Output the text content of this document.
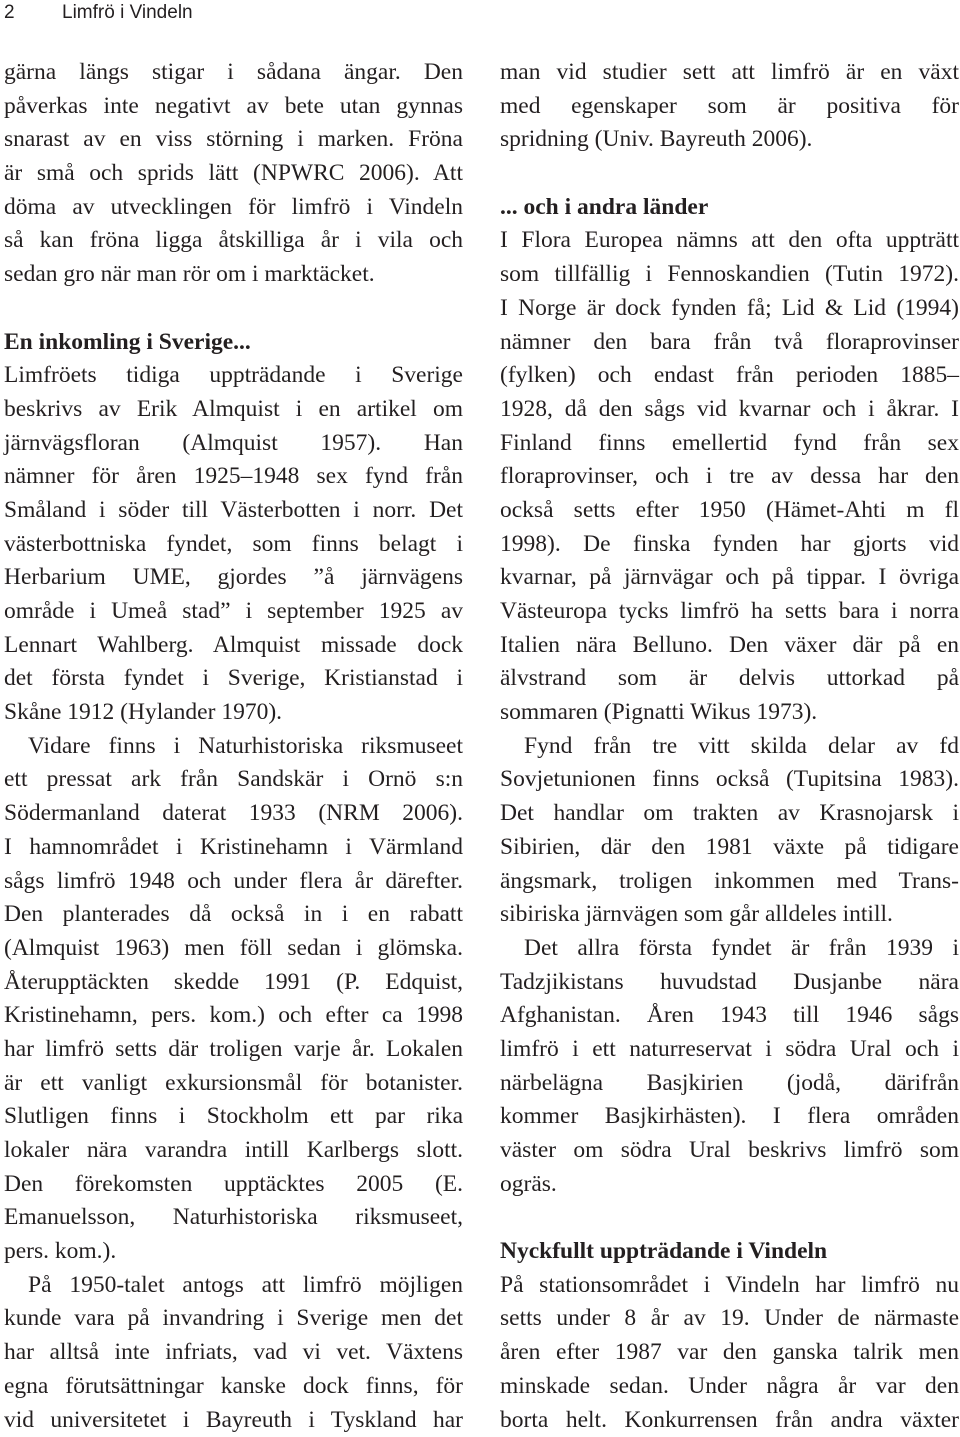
2 Limfrö i Vindeln
gärna längs stigar i sådana ängar. Den
påverkas inte negativt av bete utan gynnas
snarast av en viss störning i marken. Fröna
är små och sprids lätt (NPWRC 2006). Att
döma av utvecklingen för limfrö i Vindeln
så kan fröna ligga åtskilliga år i vila och
sedan gro när man rör om i marktäcket.
En inkomling i Sverige...
Limfröets tidiga uppträdande i Sverige
beskrivs av Erik Almquist i en artikel om
järnvägsfloran (Almquist 1957). Han
nämner för åren 1925–1948 sex fynd från
Småland i söder till Västerbotten i norr. Det
västerbottniska fyndet, som finns belagt i
Herbarium UME, gjordes ”å järnvägens
område i Umeå stad” i september 1925 av
Lennart Wahlberg. Almquist missade dock
det första fyndet i Sverige, Kristianstad i
Skåne 1912 (Hylander 1970).
Vidare finns i Naturhistoriska riksmuseet
ett pressat ark från Sandskär i Ornö s:n
Södermanland daterat 1933 (NRM 2006).
I hamnområdet i Kristinehamn i Värmland
sågs limfrö 1948 och under flera år därefter.
Den planterades då också in i en rabatt
(Almquist 1963) men föll sedan i glömska.
Återupptäckten skedde 1991 (P. Edquist,
Kristinehamn, pers. kom.) och efter ca 1998
har limfrö setts där troligen varje år. Lokalen
är ett vanligt exkursionsmål för botanister.
Slutligen finns i Stockholm ett par rika
lokaler nära varandra intill Karlbergs slott.
Den förekomsten upptäcktes 2005 (E.
Emanuelsson, Naturhistoriska riksmuseet,
pers. kom.).
På 1950-talet antogs att limfrö möjligen
kunde vara på invandring i Sverige men det
har alltså inte infriats, vad vi vet. Växtens
egna förutsättningar kanske dock finns, för
vid universitetet i Bayreuth i Tyskland har
man vid studier sett att limfrö är en växt
med egenskaper som är positiva för
spridning (Univ. Bayreuth 2006).
... och i andra länder
I Flora Europea nämns att den ofta uppträtt
som tillfällig i Fennoskandien (Tutin 1972).
I Norge är dock fynden få; Lid & Lid (1994)
nämner den bara från två floraprovinser
(fylken) och endast från perioden 1885–
1928, då den sågs vid kvarnar och i åkrar. I
Finland finns emellertid fynd från sex
floraprovinser, och i tre av dessa har den
också setts efter 1950 (Hämet-Ahti m fl
1998). De finska fynden har gjorts vid
kvarnar, på järnvägar och på tippar. I övriga
Västeuropa tycks limfrö ha setts bara i norra
Italien nära Belluno. Den växer där på en
älvstrand som är delvis uttorkad på
sommaren (Pignatti Wikus 1973).
Fynd från tre vitt skilda delar av fd
Sovjetunionen finns också (Tupitsina 1983).
Det handlar om trakten av Krasnojarsk i
Sibirien, där den 1981 växte på tidigare
ängsmark, troligen inkommen med Trans-
sibiriska järnvägen som går alldeles intill.
Det allra första fyndet är från 1939 i
Tadzjikistans huvudstad Dusjanbe nära
Afghanistan. Åren 1943 till 1946 sågs
limfrö i ett naturreservat i södra Ural och i
närbelägna Basjkirien (jodå, därifrån
kommer Basjkirhästen). I flera områden
väster om södra Ural beskrivs limfrö som
ogräs.
Nyckfullt uppträdande i Vindeln
På stationsområdet i Vindeln har limfrö nu
setts under 8 år av 19. Under de närmaste
åren efter 1987 var den ganska talrik men
minskade sedan. Under några år var den
borta helt. Konkurrensen från andra växter
